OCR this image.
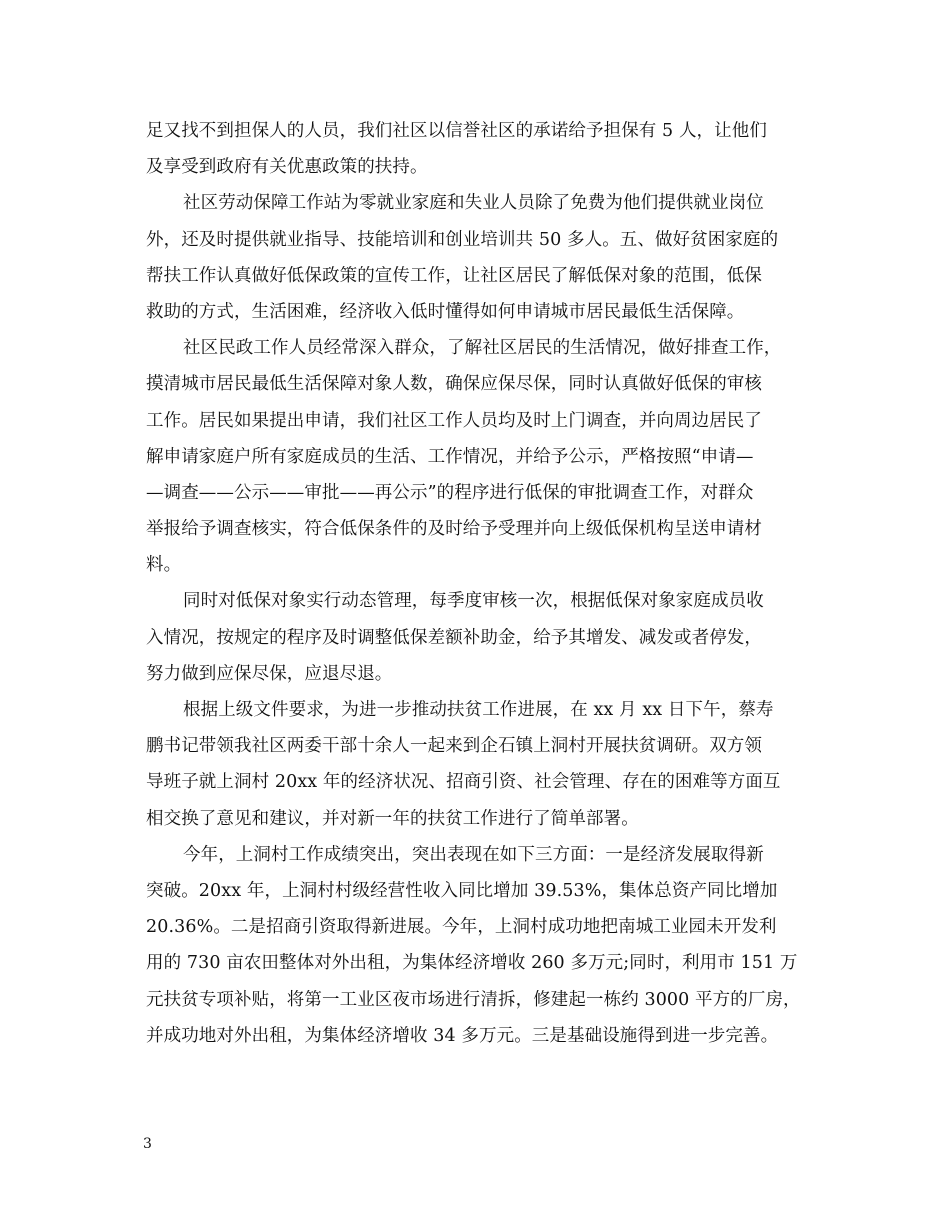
足又找不到担保人的人员，我们社区以信誉社区的承诺给予担保有 5 人，让他们
及享受到政府有关优惠政策的扶持。
社区劳动保障工作站为零就业家庭和失业人员除了免费为他们提供就业岗位
外，还及时提供就业指导、技能培训和创业培训共 50 多人。五、做好贫困家庭的
帮扶工作认真做好低保政策的宣传工作，让社区居民了解低保对象的范围，低保
救助的方式，生活困难，经济收入低时懂得如何申请城市居民最低生活保障。
社区民政工作人员经常深入群众，了解社区居民的生活情况，做好排查工作，
摸清城市居民最低生活保障对象人数，确保应保尽保，同时认真做好低保的审核
工作。居民如果提出申请，我们社区工作人员均及时上门调查，并向周边居民了
解申请家庭户所有家庭成员的生活、工作情况，并给予公示，严格按照“申请—
—调查——公示——审批——再公示”的程序进行低保的审批调查工作，对群众
举报给予调查核实，符合低保条件的及时给予受理并向上级低保机构呈送申请材
料。
同时对低保对象实行动态管理，每季度审核一次，根据低保对象家庭成员收
入情况，按规定的程序及时调整低保差额补助金，给予其增发、减发或者停发，
努力做到应保尽保，应退尽退。
根据上级文件要求，为进一步推动扶贫工作进展，在 xx 月 xx 日下午，蔡寿
鹏书记带领我社区两委干部十余人一起来到企石镇上洞村开展扶贫调研。双方领
导班子就上洞村 20xx 年的经济状况、招商引资、社会管理、存在的困难等方面互
相交换了意见和建议，并对新一年的扶贫工作进行了简单部署。
今年，上洞村工作成绩突出，突出表现在如下三方面：一是经济发展取得新
突破。20xx 年，上洞村村级经营性收入同比增加 39.53%，集体总资产同比增加
20.36%。二是招商引资取得新进展。今年，上洞村成功地把南城工业园未开发利
用的 730 亩农田整体对外出租，为集体经济增收 260 多万元;同时，利用市 151 万
元扶贫专项补贴，将第一工业区夜市场进行清拆，修建起一栋约 3000 平方的厂房，
并成功地对外出租，为集体经济增收 34 多万元。三是基础设施得到进一步完善。
3
